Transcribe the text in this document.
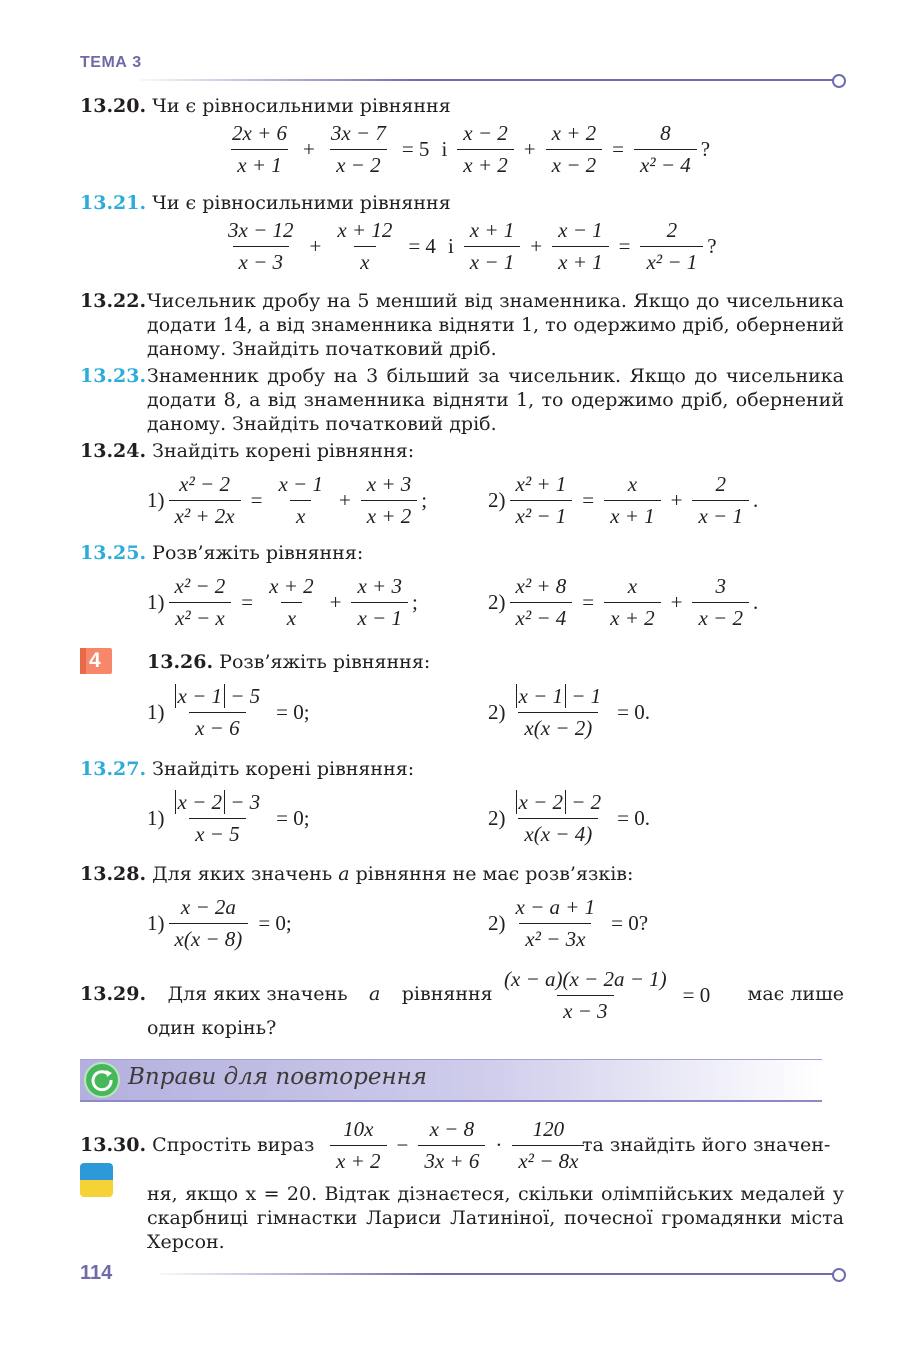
ТЕМА 3
13.20. Чи є рівносильними рівняння
$\frac{2x + 6}{x + 1} + \frac{3x - 7}{x - 2} = 5$ і $\frac{x - 2}{x + 2} + \frac{x + 2}{x - 2} = \frac{8}{\text{x² − 4}}$ ?
13.21. Чи є рівносильними рівняння
$\frac{3x - 12}{x - 3} + \frac{x + 12}{x} = 4$ і $\frac{x + 1}{x - 1} + \frac{x - 1}{x + 1} = \frac{2}{\text{x² − 1}}$ ?
13.22. Чисельник дробу на 5 менший від знаменника. Якщо до чисельника додати 14, а від знаменника відняти 1, то одержимо дріб, обернений даному. Знайдіть початковий дріб.
13.23. Знаменник дробу на 3 більший за чисельник. Якщо до чисельника додати 8, а від знаменника відняти 1, то одержимо дріб, обернений даному. Знайдіть початковий дріб.
13.24. Знайдіть корені рівняння:
$1) \frac{\text{x² − 2}}{\text{x² + 2x}} = \frac{x - 1}{x} + \frac{x + 3}{x + 2}$ ;	$2) \frac{\text{x² + 1}}{\text{x² − 1}} = \frac{x}{x + 1} + \frac{2}{x - 1}$ .
13.25. Розв’яжіть рівняння:
$1) \frac{\text{x² − 2}}{\text{x² − x}} = \frac{x + 2}{x} + \frac{x + 3}{x - 1}$ ;	$2) \frac{\text{x² + 8}}{\text{x² − 4}} = \frac{x}{x + 2} + \frac{3}{x - 2}$ .
4 13.26. Розв’яжіть рівняння:
$1) \frac{x - 1 - 5}{x - 6} = 0$;	$2) \frac{x - 1 - 1}{x(x - 2)} = 0$.
13.27. Знайдіть корені рівняння:
$1) \frac{x - 2 - 3}{x - 5} = 0$;	$2) \frac{x - 2 - 2}{x(x - 4)} = 0$.
13.28. Для яких значень a рівняння не має розв’язків:
$1) \frac{x - 2a}{x(x - 8)} = 0$;	$2) \frac{x - a + 1}{\text{x² − 3x}} = 0$?
13.29. Для яких значень a рівняння	має лише
$\frac{(x - a)(x - 2a - 1)}{x - 3} = 0$
один корінь?
Вправи для повторення
13.30. Спростіть вираз $\frac{10x}{x + 2} - \frac{x - 8}{3x + 6} \cdot \frac{120}{\text{x² − 8x}}$
та знайдіть його значен-
ня, якщо x = 20. Відтак дізнаєтеся, скільки олімпійських медалей у скарбниці гімнастки Лариси Латиніної, почесної громадянки міста Херсон.
114
